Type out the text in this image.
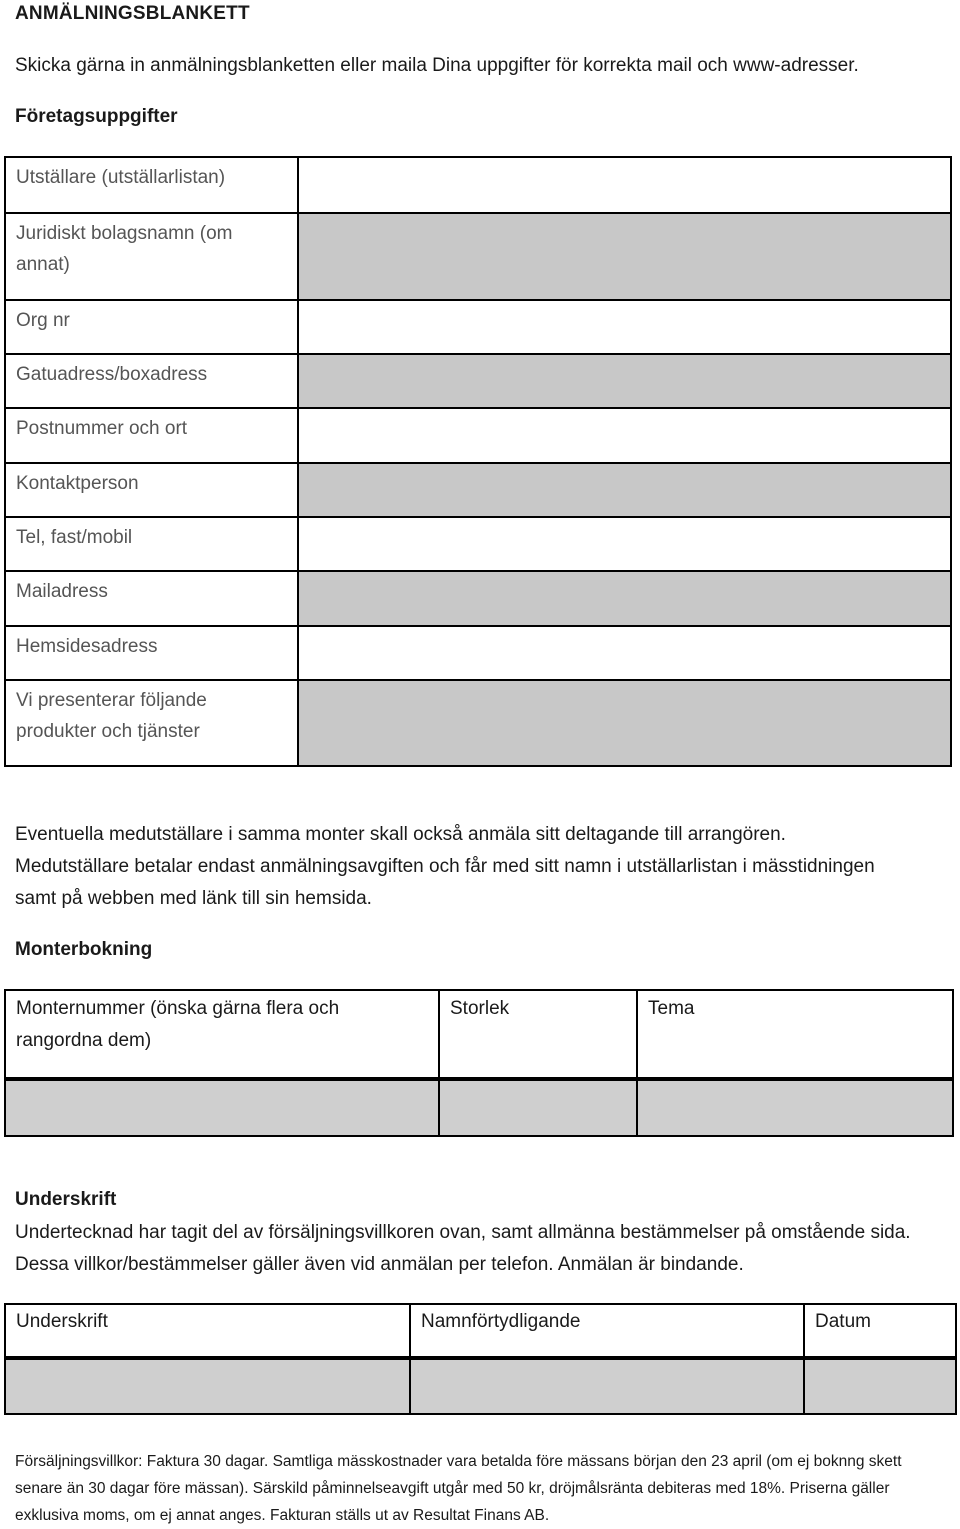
ANMÄLNINGSBLANKETT
Skicka gärna in anmälningsblanketten eller maila Dina uppgifter för korrekta mail och www-adresser.
Företagsuppgifter
Utställare (utställarlistan)	
Juridiskt bolagsnamn (om annat)	
Org nr	
Gatuadress/boxadress	
Postnummer och ort	
Kontaktperson	
Tel, fast/mobil	
Mailadress	
Hemsidesadress	
Vi presenterar följande produkter och tjänster	
Eventuella medutställare i samma monter skall också anmäla sitt deltagande till arrangören. Medutställare betalar endast anmälningsavgiften och får med sitt namn i utställarlistan i mässtidningen samt på webben med länk till sin hemsida.
Monterbokning
Monternummer (önska gärna flera och rangordna dem)	Storlek	Tema

Underskrift
Undertecknad har tagit del av försäljningsvillkoren ovan, samt allmänna bestämmelser på omstående sida. Dessa villkor/bestämmelser gäller även vid anmälan per telefon. Anmälan är bindande.
Underskrift	Namnförtydligande	Datum

Försäljningsvillkor: Faktura 30 dagar. Samtliga mässkostnader vara betalda före mässans början den 23 april (om ej boknng skett senare än 30 dagar före mässan). Särskild påminnelseavgift utgår med 50 kr, dröjmålsränta debiteras med 18%. Priserna gäller exklusiva moms, om ej annat anges. Fakturan ställs ut av Resultat Finans AB.
